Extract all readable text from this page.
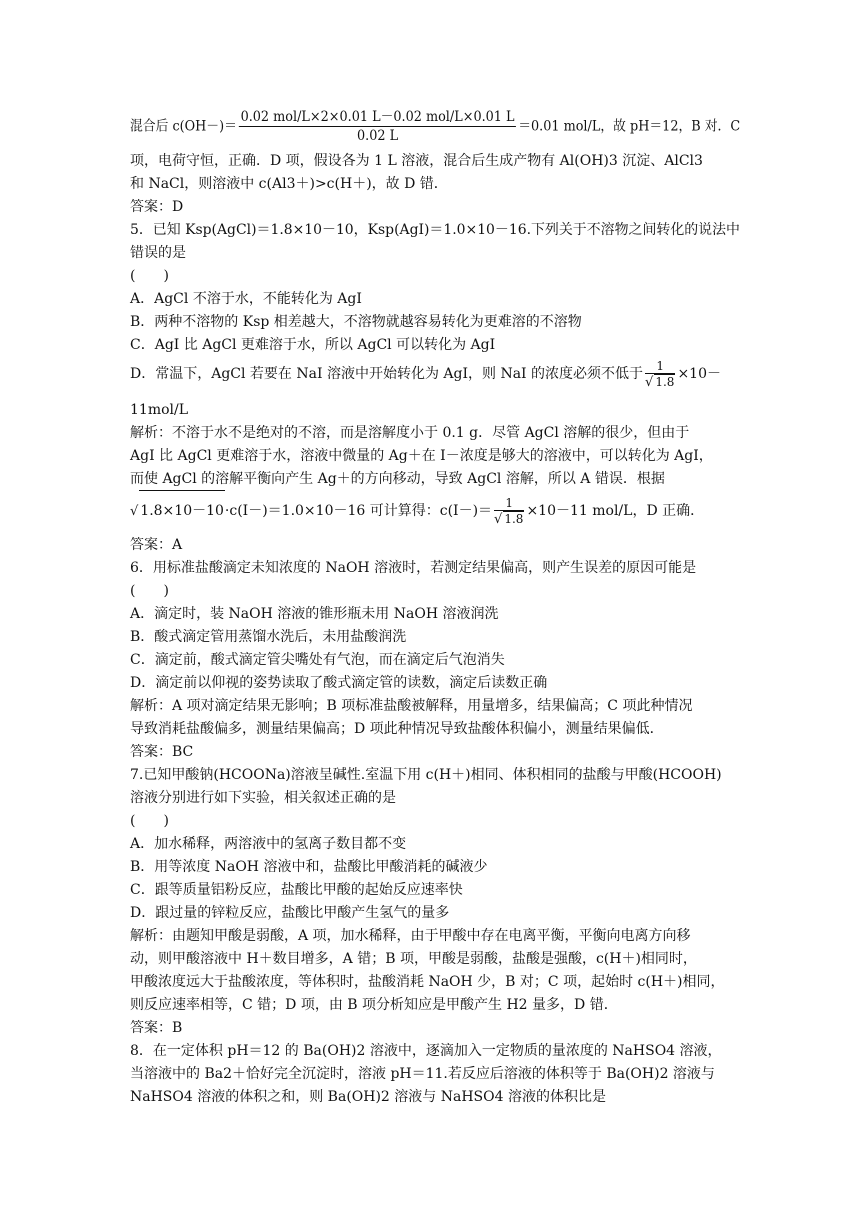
混合后 $c(OH-)= \frac{\text{0.02 mol/L×2×0.01 L－0.02 mol/L×0.01 L}}{0.02 L} =0.01$ mol/L，故 pH＝12，B 对．C
项，电荷守恒，正确．D 项，假设各为 1 L 溶液，混合后生成产物有 Al(OH)3 沉淀、AlCl3
和 NaCl，则溶液中 c(Al3＋)>c(H＋)，故 D 错．
答案：D
5．已知 Ksp(AgCl)＝1.8×10－10，Ksp(AgI)＝1.0×10－16.下列关于不溶物之间转化的说法中
错误的是
(　　)
A．AgCl 不溶于水，不能转化为 AgI
B．两种不溶物的 Ksp 相差越大，不溶物就越容易转化为更难溶的不溶物
C．AgI 比 AgCl 更难溶于水，所以 AgCl 可以转化为 AgI
D．常温下，AgCl 若要在 NaI 溶液中开始转化为 AgI，则 NaI 的浓度必须不低于 $\frac{1}{√ 1.8} \times 10-$
11mol/L
解析：不溶于水不是绝对的不溶，而是溶解度小于 0.1 g．尽管 AgCl 溶解的很少，但由于
AgI 比 AgCl 更难溶于水，溶液中微量的 Ag＋在 I－浓度是够大的溶液中，可以转化为 AgI，
而使 AgCl 的溶解平衡向产生 Ag＋的方向移动，导致 AgCl 溶解，所以 A 错误．根据
√ 1.8×10－10·c(I－)＝1.0×10－16 可计算得：$c(I-)= \frac{1}{√ 1.8} \times 10-11$ mol/L，D 正确．
答案：A
6．用标准盐酸滴定未知浓度的 NaOH 溶液时，若测定结果偏高，则产生误差的原因可能是
(　　)
A．滴定时，装 NaOH 溶液的锥形瓶未用 NaOH 溶液润洗
B．酸式滴定管用蒸馏水洗后，未用盐酸润洗
C．滴定前，酸式滴定管尖嘴处有气泡，而在滴定后气泡消失
D．滴定前以仰视的姿势读取了酸式滴定管的读数，滴定后读数正确
解析：A 项对滴定结果无影响；B 项标准盐酸被解释，用量增多，结果偏高；C 项此种情况
导致消耗盐酸偏多，测量结果偏高；D 项此种情况导致盐酸体积偏小，测量结果偏低．
答案：BC
7.已知甲酸钠(HCOONa)溶液呈碱性.室温下用 c(H＋)相同、体积相同的盐酸与甲酸(HCOOH)
溶液分别进行如下实验，相关叙述正确的是
(　　)
A．加水稀释，两溶液中的氢离子数目都不变
B．用等浓度 NaOH 溶液中和，盐酸比甲酸消耗的碱液少
C．跟等质量铝粉反应，盐酸比甲酸的起始反应速率快
D．跟过量的锌粒反应，盐酸比甲酸产生氢气的量多
解析：由题知甲酸是弱酸，A 项，加水稀释，由于甲酸中存在电离平衡，平衡向电离方向移
动，则甲酸溶液中 H＋数目增多，A 错；B 项，甲酸是弱酸，盐酸是强酸，c(H＋)相同时，
甲酸浓度远大于盐酸浓度，等体积时，盐酸消耗 NaOH 少，B 对；C 项，起始时 c(H＋)相同，
则反应速率相等，C 错；D 项，由 B 项分析知应是甲酸产生 H2 量多，D 错．
答案：B
8．在一定体积 pH＝12 的 Ba(OH)2 溶液中，逐滴加入一定物质的量浓度的 NaHSO4 溶液，
当溶液中的 Ba2＋恰好完全沉淀时，溶液 pH＝11.若反应后溶液的体积等于 Ba(OH)2 溶液与
NaHSO4 溶液的体积之和，则 Ba(OH)2 溶液与 NaHSO4 溶液的体积比是
